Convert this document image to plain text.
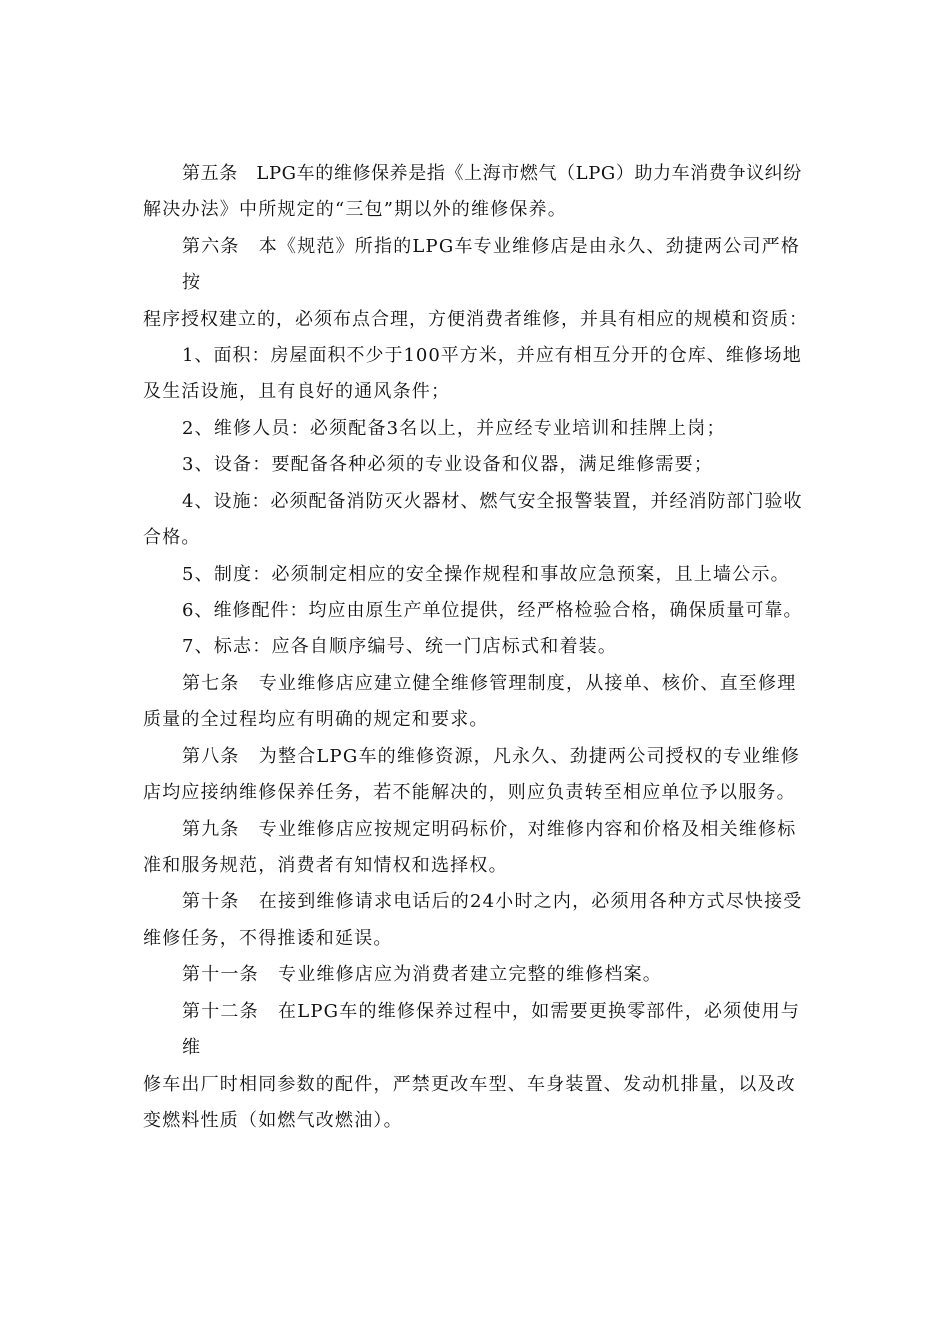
第五条　LPG车的维修保养是指《上海市燃气（LPG）助力车消费争议纠纷
解决办法》中所规定的“三包”期以外的维修保养。
第六条　本《规范》所指的LPG车专业维修店是由永久、劲捷两公司严格
按
程序授权建立的，必须布点合理，方便消费者维修，并具有相应的规模和资质：
1、面积：房屋面积不少于100平方米，并应有相互分开的仓库、维修场地
及生活设施，且有良好的通风条件；
2、维修人员：必须配备3名以上，并应经专业培训和挂牌上岗；
3、设备：要配备各种必须的专业设备和仪器，满足维修需要；
4、设施：必须配备消防灭火器材、燃气安全报警装置，并经消防部门验收
合格。
5、制度：必须制定相应的安全操作规程和事故应急预案，且上墙公示。
6、维修配件：均应由原生产单位提供，经严格检验合格，确保质量可靠。
7、标志：应各自顺序编号、统一门店标式和着装。
第七条　专业维修店应建立健全维修管理制度，从接单、核价、直至修理
质量的全过程均应有明确的规定和要求。
第八条　为整合LPG车的维修资源，凡永久、劲捷两公司授权的专业维修
店均应接纳维修保养任务，若不能解决的，则应负责转至相应单位予以服务。
第九条　专业维修店应按规定明码标价，对维修内容和价格及相关维修标
准和服务规范，消费者有知情权和选择权。
第十条　在接到维修请求电话后的24小时之内，必须用各种方式尽快接受
维修任务，不得推诿和延误。
第十一条　专业维修店应为消费者建立完整的维修档案。
第十二条　在LPG车的维修保养过程中，如需要更换零部件，必须使用与
维
修车出厂时相同参数的配件，严禁更改车型、车身装置、发动机排量，以及改
变燃料性质（如燃气改燃油）。
